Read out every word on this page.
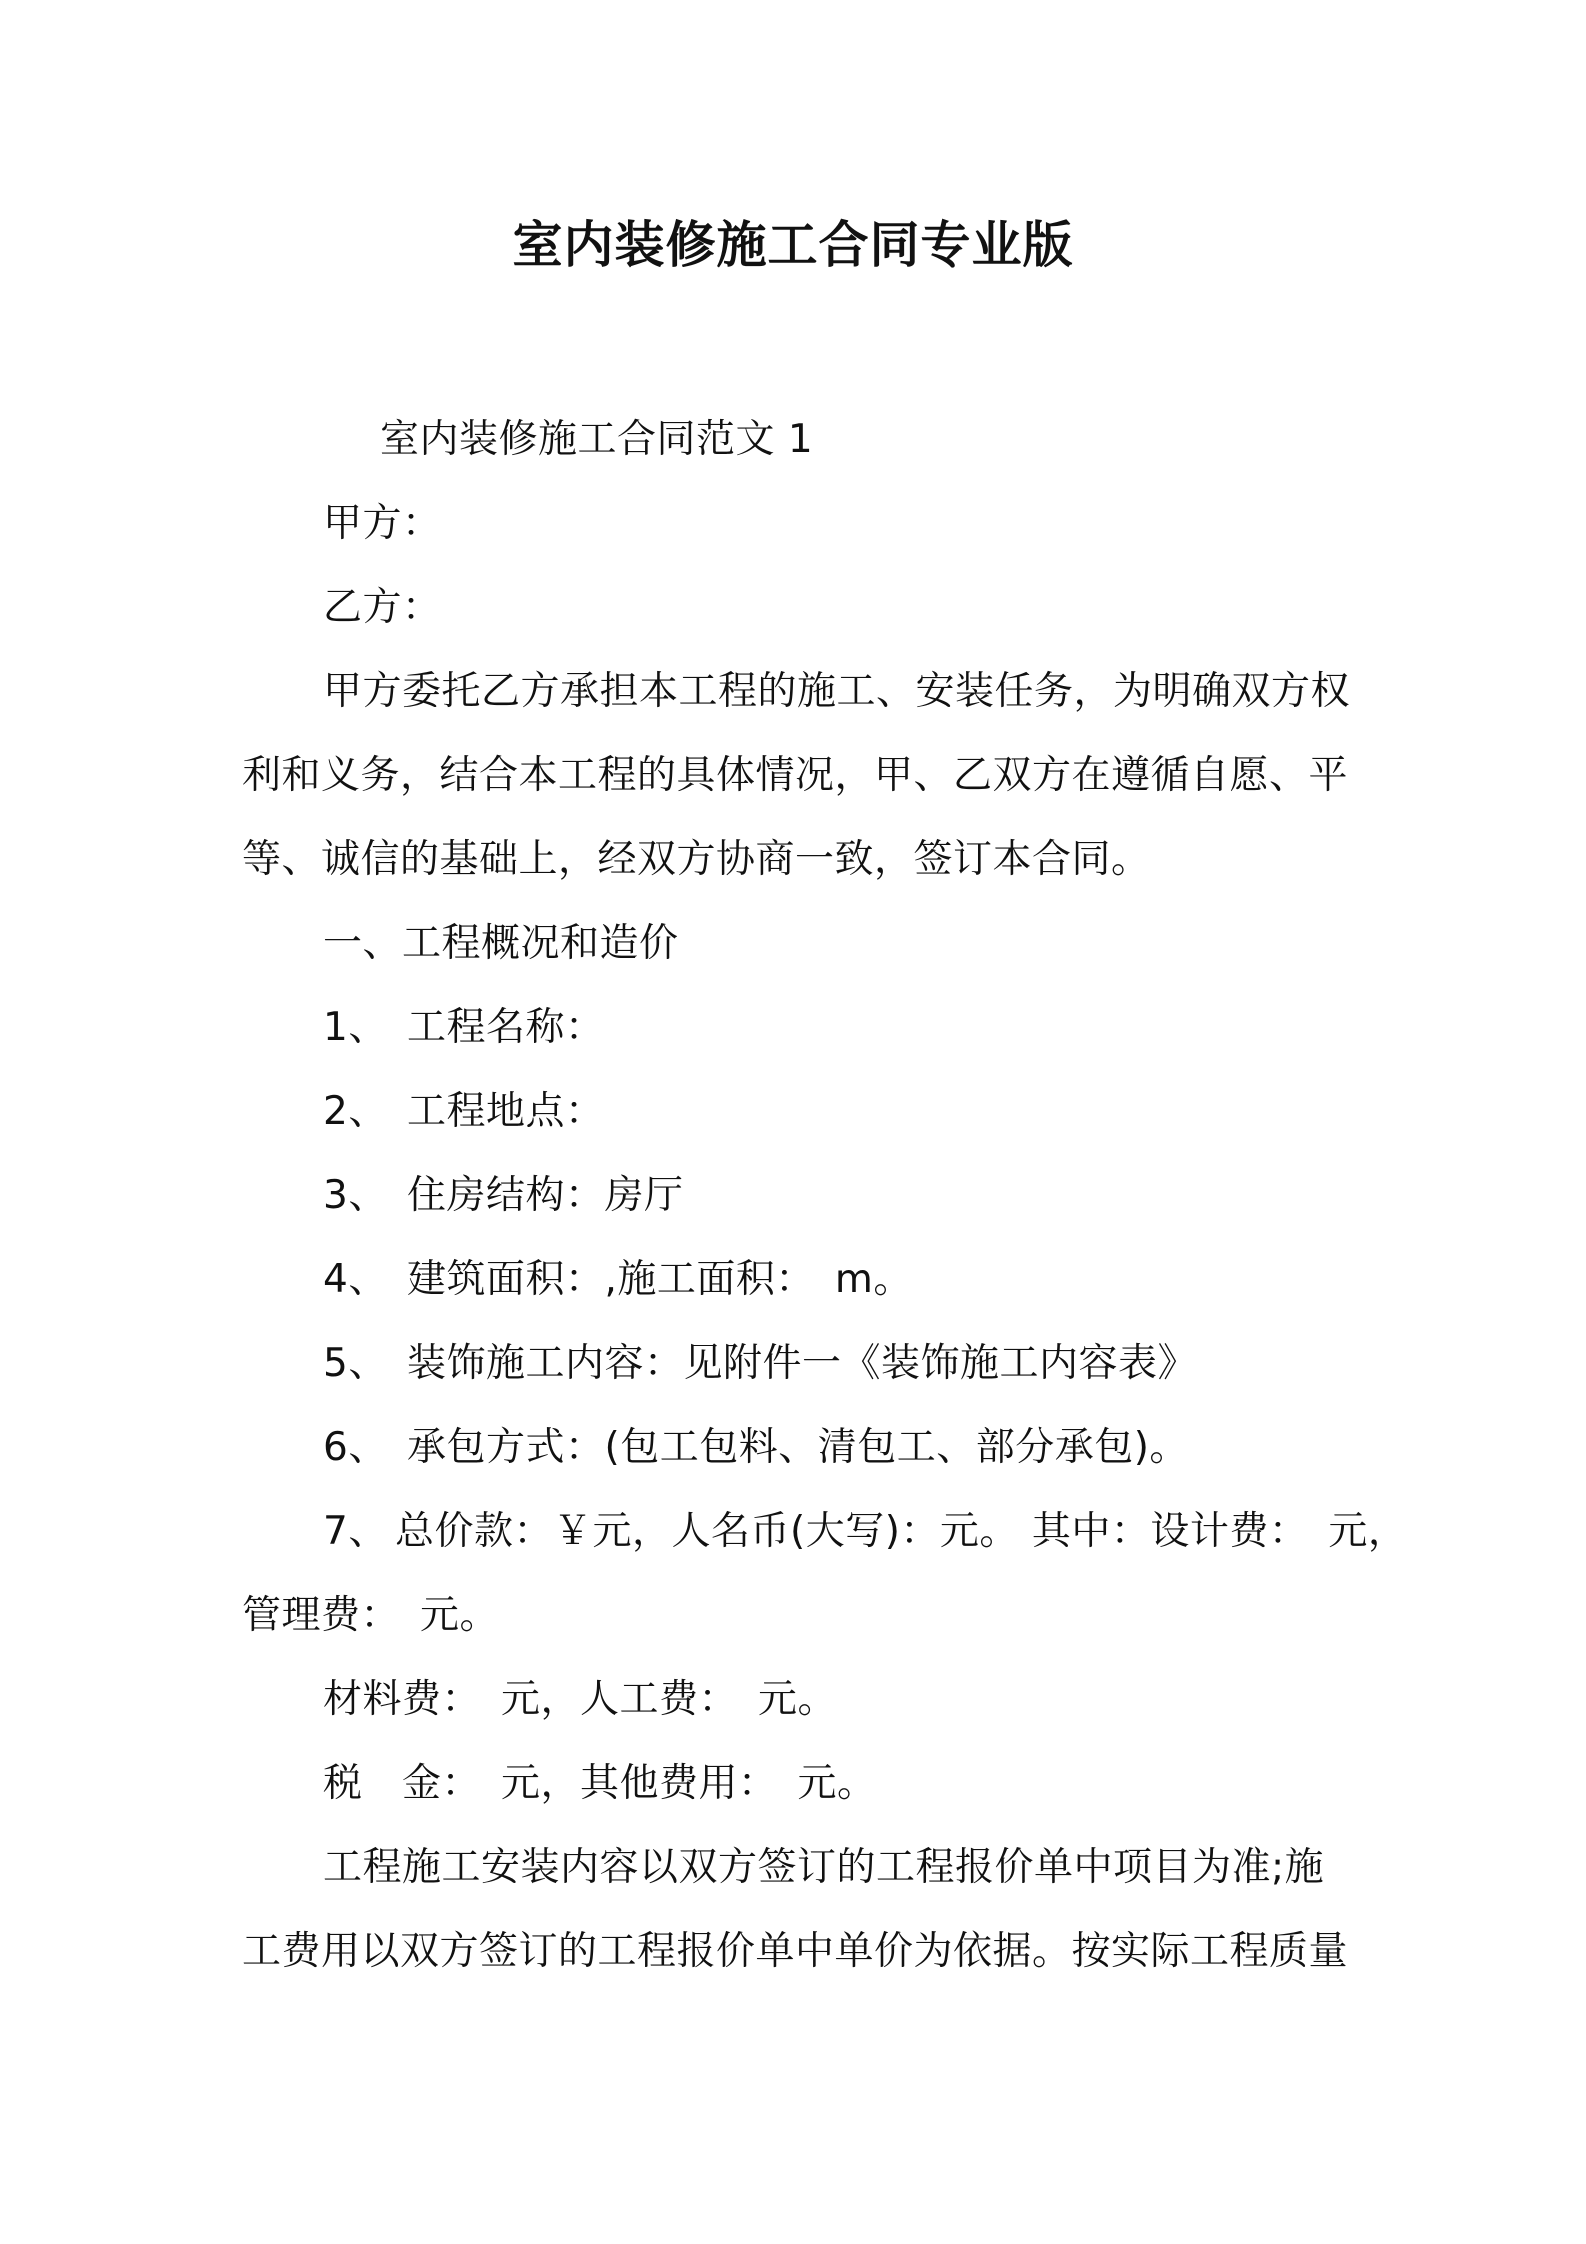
室内装修施工合同专业版
室内装修施工合同范文 1
甲方：
乙方：
甲方委托乙方承担本工程的施工、安装任务，为明确双方权
利和义务，结合本工程的具体情况，甲、乙双方在遵循自愿、平
等、诚信的基础上，经双方协商一致，签订本合同。
一、工程概况和造价
1、 工程名称：
2、 工程地点：
3、 住房结构：房厅
4、 建筑面积：,施工面积：　m。
5、 装饰施工内容：见附件一《装饰施工内容表》
6、 承包方式：(包工包料、清包工、部分承包)。
7、 总价款：￥元，人名币(大写)：元。 其中：设计费：　元，
管理费：　元。
材料费：　元，人工费：　元。
税　金：　元，其他费用：　元。
工程施工安装内容以双方签订的工程报价单中项目为准;施
工费用以双方签订的工程报价单中单价为依据。按实际工程质量
